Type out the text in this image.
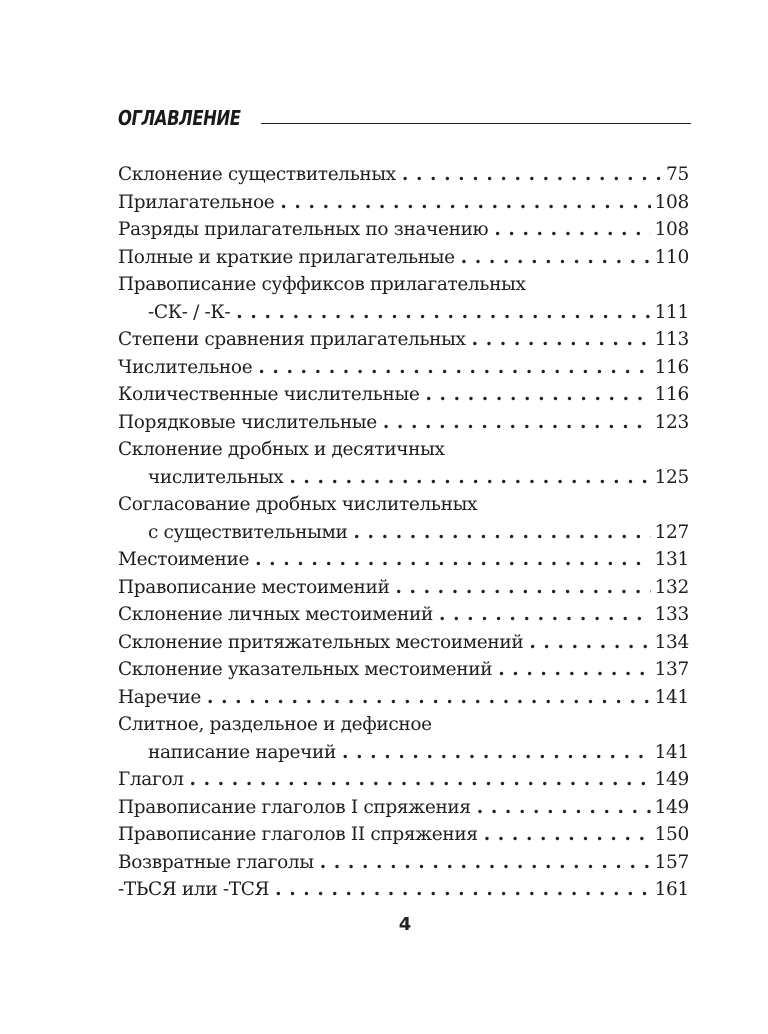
ОГЛАВЛЕНИЕ
Склонение существительных . . .	75
Прилагательное . . .	108
Разряды прилагательных по значению . . .	108
Полные и краткие прилагательные . . .	110
Правописание суффиксов прилагательных
-СК- / -К- . . .	111
Степени сравнения прилагательных . . .	113
Числительное . . .	116
Количественные числительные . . .	116
Порядковые числительные . . .	123
Склонение дробных и десятичных
числительных . . .	125
Согласование дробных числительных
с существительными . . .	127
Местоимение . . .	131
Правописание местоимений . . .	132
Склонение личных местоимений . . .	133
Склонение притяжательных местоимений . . .	134
Склонение указательных местоимений . . .	137
Наречие . . .	141
Слитное, раздельное и дефисное
написание наречий . . .	141
Глагол . . .	149
Правописание глаголов I спряжения . . .	149
Правописание глаголов II спряжения . . .	150
Возвратные глаголы . . .	157
-ТЬСЯ или -ТСЯ . . .	161
4
